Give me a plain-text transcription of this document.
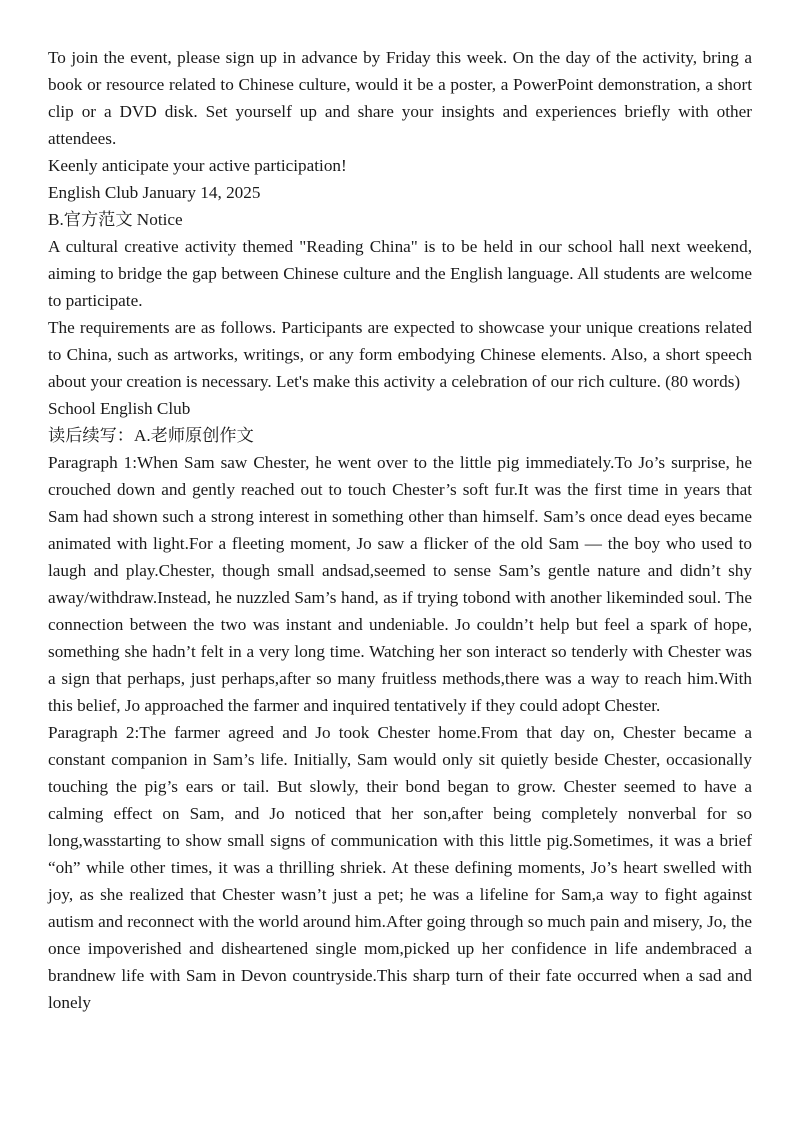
To join the event, please sign up in advance by Friday this week. On the day of the activity, bring a book or resource related to Chinese culture, would it be a poster, a PowerPoint demonstration, a short clip or a DVD disk. Set yourself up and share your insights and experiences briefly with other attendees.

Keenly anticipate your active participation!

English Club January 14, 2025

B.官方范文 Notice

A cultural creative activity themed "Reading China" is to be held in our school hall next weekend, aiming to bridge the gap between Chinese culture and the English language. All students are welcome to participate.

The requirements are as follows. Participants are expected to showcase your unique creations related to China, such as artworks, writings, or any form embodying Chinese elements. Also, a short speech about your creation is necessary. Let's make this activity a celebration of our rich culture. (80 words)

School English Club

读后续写：A.老师原创作文

Paragraph 1:When Sam saw Chester, he went over to the little pig immediately.To Jo’s surprise, he crouched down and gently reached out to touch Chester’s soft fur.It was the first time in years that Sam had shown such a strong interest in something other than himself. Sam’s once dead eyes became animated with light.For a fleeting moment, Jo saw a flicker of the old Sam — the boy who used to laugh and play.Chester, though small andsad,seemed to sense Sam’s gentle nature and didn’t shy away/withdraw.Instead, he nuzzled Sam’s hand, as if trying tobond with another likeminded soul. The connection between the two was instant and undeniable. Jo couldn’t help but feel a spark of hope, something she hadn’t felt in a very long time. Watching her son interact so tenderly with Chester was a sign that perhaps, just perhaps,after so many fruitless methods,there was a way to reach him.With this belief, Jo approached the farmer and inquired tentatively if they could adopt Chester.

Paragraph 2:The farmer agreed and Jo took Chester home.From that day on, Chester became a constant companion in Sam’s life. Initially, Sam would only sit quietly beside Chester, occasionally touching the pig’s ears or tail. But slowly, their bond began to grow. Chester seemed to have a calming effect on Sam, and Jo noticed that her son,after being completely nonverbal for so long,wasstarting to show small signs of communication with this little pig.Sometimes, it was a brief “oh” while other times, it was a thrilling shriek. At these defining moments, Jo’s heart swelled with joy, as she realized that Chester wasn’t just a pet; he was a lifeline for Sam,a way to fight against autism and reconnect with the world around him.After going through so much pain and misery, Jo, the once impoverished and disheartened single mom,picked up her confidence in life andembraced a brandnew life with Sam in Devon countryside.This sharp turn of their fate occurred when a sad and lonely
